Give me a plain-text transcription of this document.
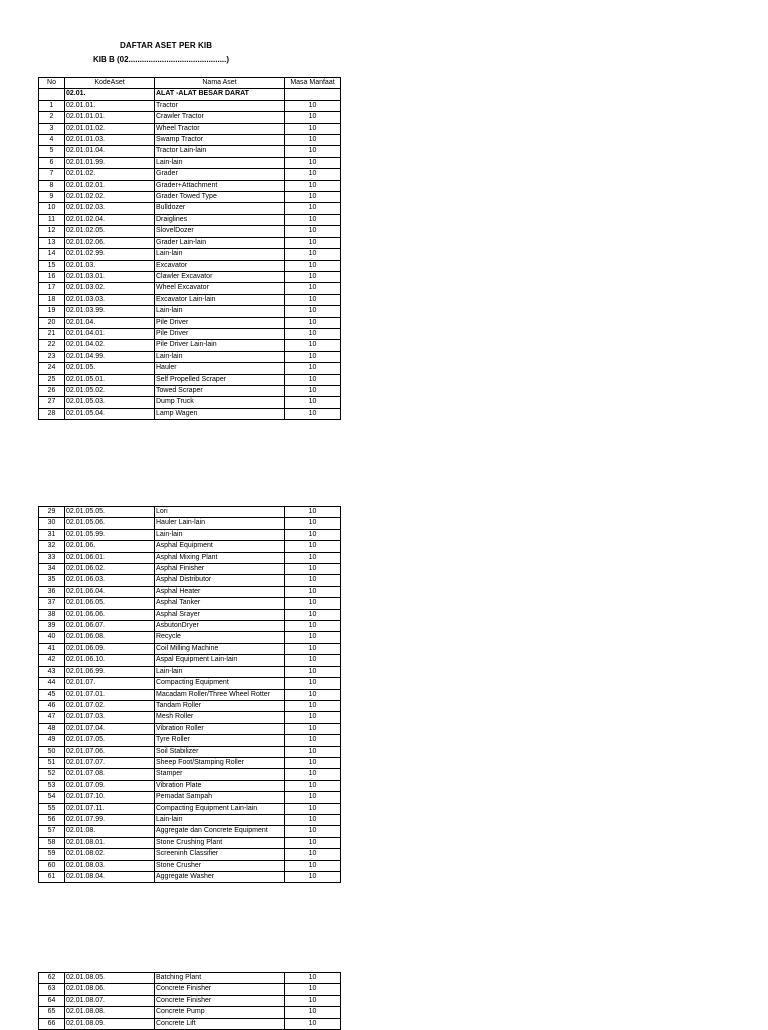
DAFTAR ASET PER KIB
KIB B (02............................................)
No	KodeAset	Nama Aset	Masa Manfaat
	02.01.	ALAT -ALAT BESAR DARAT	
1	02.01.01.	Tractor	10
2	02.01.01.01.	Crawler Tractor	10
3	02.01.01.02.	Wheel Tractor	10
4	02.01.01.03.	Swamp Tractor	10
5	02.01.01.04.	Tractor Lain-lain	10
6	02.01.01.99.	Lain-lain	10
7	02.01.02.	Grader	10
8	02.01.02.01.	Grader+Attachment	10
9	02.01.02.02.	Grader Towed Type	10
10	02.01.02.03.	Bulldozer	10
11	02.01.02.04.	Draiglines	10
12	02.01.02.05.	SlovelDozer	10
13	02.01.02.06.	Grader Lain-lain	10
14	02.01.02.99.	Lain-lain	10
15	02.01.03.	Excavator	10
16	02.01.03.01.	Clawler Excavator	10
17	02.01.03.02.	Wheel Excavator	10
18	02.01.03.03.	Excavator Lain-lain	10
19	02.01.03.99.	Lain-lain	10
20	02.01.04.	Pile Driver	10
21	02.01.04.01.	Pile Driver	10
22	02.01.04.02.	Pile Driver Lain-lain	10
23	02.01.04.99.	Lain-lain	10
24	02.01.05.	Hauler	10
25	02.01.05.01.	Self Propelled Scraper	10
26	02.01.05.02.	Towed Scraper	10
27	02.01.05.03.	Dump Truck	10
28	02.01.05.04.	Lamp Wagen	10
29	02.01.05.05.	Lori	10
30	02.01.05.06.	Hauler Lain-lain	10
31	02.01.05.99.	Lain-lain	10
32	02.01.06.	Asphal Equipment	10
33	02.01.06.01.	Asphal Mixing Plant	10
34	02.01.06.02.	Asphal Finisher	10
35	02.01.06.03.	Asphal Distributor	10
36	02.01.06.04.	Asphal Heater	10
37	02.01.06.05.	Asphal Tanker	10
38	02.01.06.06.	Asphal Srayer	10
39	02.01.06.07.	AsbutonDryer	10
40	02.01.06.08.	Recycle	10
41	02.01.06.09.	Coil Milling Machine	10
42	02.01.06.10.	Aspal Equipment Lain-lain	10
43	02.01.06.99.	Lain-lain	10
44	02.01.07.	Compacting Equipment	10
45	02.01.07.01.	Macadam Roller/Three Wheel Rotter	10
46	02.01.07.02.	Tandam Roller	10
47	02.01.07.03.	Mesh Roller	10
48	02.01.07.04.	Vibration Roller	10
49	02.01.07.05.	Tyre Roller	10
50	02.01.07.06.	Soil Stabilizer	10
51	02.01.07.07.	Sheep Foot/Stamping Roller	10
52	02.01.07.08.	Stamper	10
53	02.01.07.09.	Vibration Plate	10
54	02.01.07.10.	Pemadat Sampah	10
55	02.01.07.11.	Compacting Equipment Lain-lain	10
56	02.01.07.99.	Lain-lain	10
57	02.01.08.	Aggregate dan Concrete Equipment	10
58	02.01.08.01.	Stone Crushing Plant	10
59	02.01.08.02.	Screeninh Classifier	10
60	02.01.08.03.	Stone Crusher	10
61	02.01.08.04.	Aggregate Washer	10
62	02.01.08.05.	Batching Plant	10
63	02.01.08.06.	Concrete Finisher	10
64	02.01.08.07.	Concrete Finisher	10
65	02.01.08.08.	Concrete Pump	10
66	02.01.08.09.	Concrete Lift	10
